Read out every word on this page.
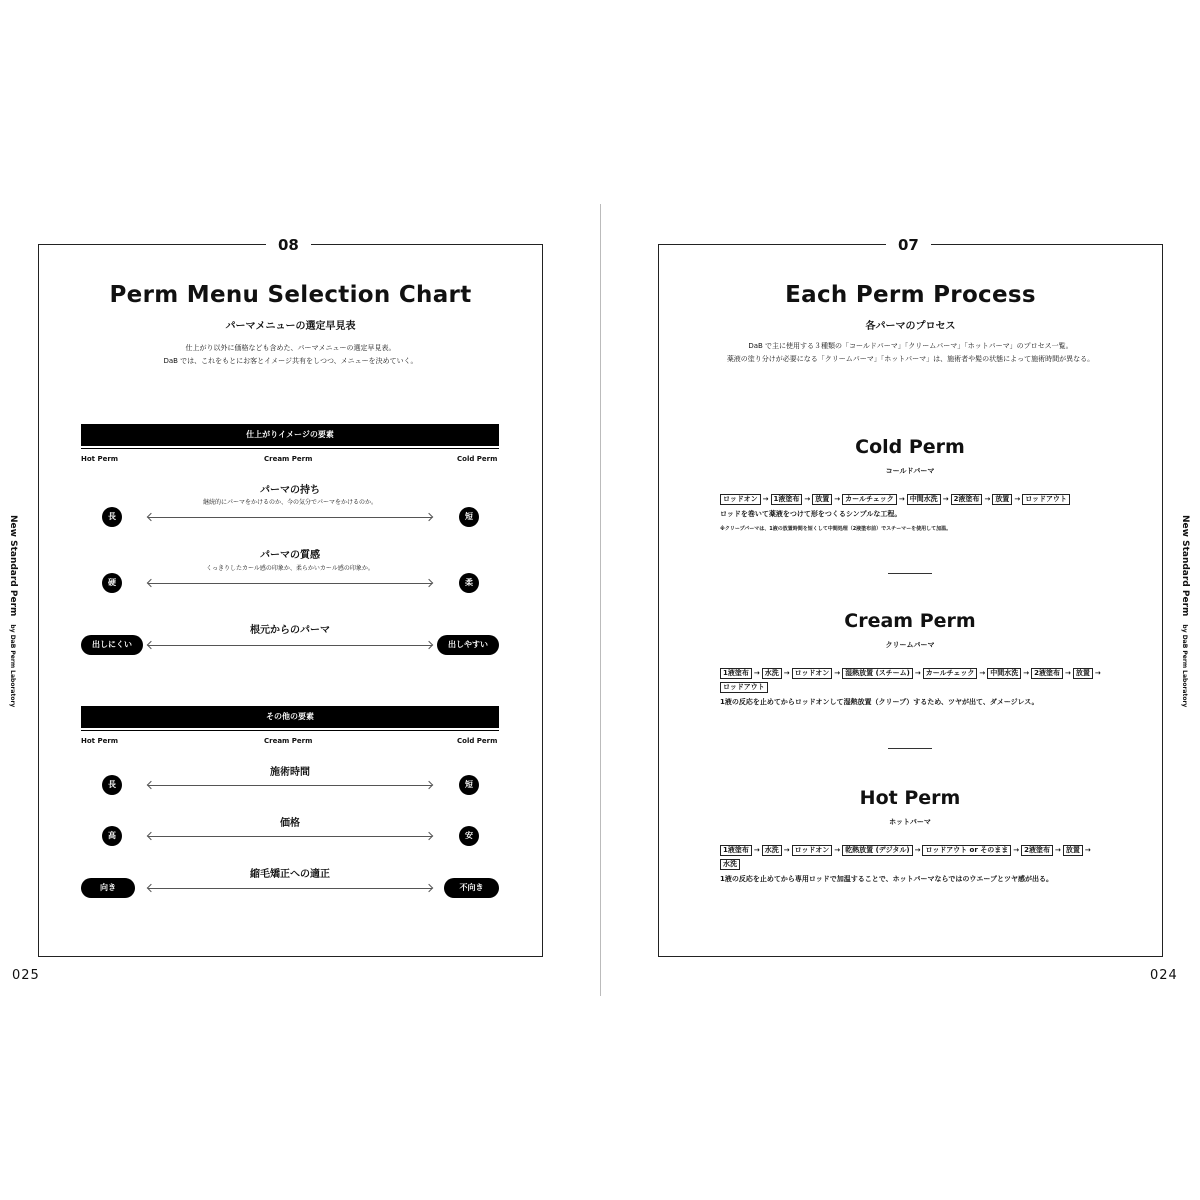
New Standard Permby DaB Perm Laboratory
New Standard Permby DaB Perm Laboratory
08
Perm Menu Selection Chart
パーマメニューの選定早見表
仕上がり以外に価格なども含めた、パーマメニューの選定早見表。
DaB では、これをもとにお客とイメージ共有をしつつ、メニューを決めていく。
仕上がりイメージの要素
Hot Perm	Cream Perm	Cold Perm
パーマの持ち
継続的にパーマをかけるのか、今の気分でパーマをかけるのか。
長	短
パーマの質感
くっきりしたカール感の印象か、柔らかいカール感の印象か。
硬	柔
根元からのパーマ
出しにくい	出しやすい
その他の要素
Hot Perm	Cream Perm	Cold Perm
施術時間
長	短
価格
高	安
縮毛矯正への適正
向き	不向き
025
07
Each Perm Process
各パーマのプロセス
DaB で主に使用する３種類の「コールドパーマ」「クリームパーマ」「ホットパーマ」のプロセス一覧。
薬液の塗り分けが必要になる「クリームパーマ」「ホットパーマ」は、施術者や髪の状態によって施術時間が異なる。
Cold Perm
コールドパーマ
ロッドオン → 1液塗布 → 放置 → カールチェック → 中間水洗 → 2液塗布 → 放置 → ロッドアウト
ロッドを巻いて薬液をつけて形をつくるシンプルな工程。
※クリープパーマは、1液の放置時間を短くして中間処理（2液塗布前）でスチーマーを使用して加温。
Cream Perm
クリームパーマ
1液塗布 → 水洗 → ロッドオン → 湿熱放置 (スチーム) → カールチェック → 中間水洗 → 2液塗布 → 放置 →ロッドアウト
1液の反応を止めてからロッドオンして湿熱放置（クリープ）するため、ツヤが出て、ダメージレス。
Hot Perm
ホットパーマ
1液塗布 → 水洗 → ロッドオン → 乾熱放置 (デジタル) → ロッドアウト or そのまま → 2液塗布 → 放置 →水洗
1液の反応を止めてから専用ロッドで加温することで、ホットパーマならではのウエーブとツヤ感が出る。
024
